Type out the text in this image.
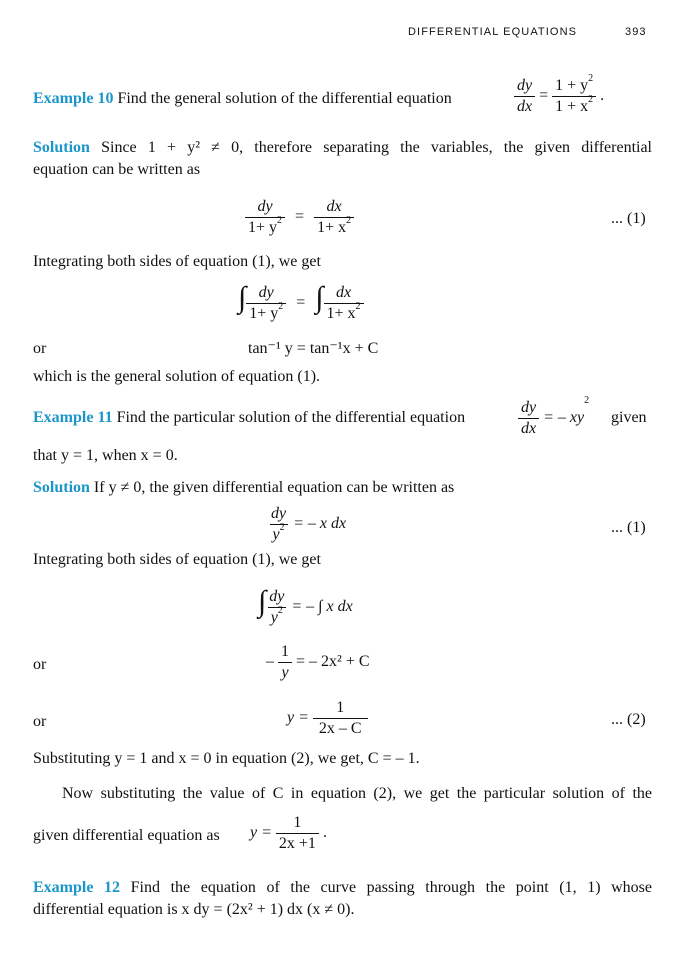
DIFFERENTIAL EQUATIONS	393
Example 10 Find the general solution of the differential equation	$\frac{dy}{dx} = \frac{1 + y^2}{1 + x^2}$ .
Solution Since 1 + y² ≠ 0, therefore separating the variables, the given differential
equation can be written as
$\frac{dy}{1+ y^2} = \frac{dx}{1+ x^2}$	... (1)
Integrating both sides of equation (1), we get
∫ $\frac{dy}{1+ y^2}$ = ∫ $\frac{dx}{1+ x^2}$
or	tan⁻¹ y = tan⁻¹x + C
which is the general solution of equation (1).
Example 11 Find the particular solution of the differential equation	$\frac{dy}{dx}$ = – $xy^2$
given
that y = 1, when x = 0.
Solution If y ≠ 0, the given differential equation can be written as
$\frac{dy}{y^2}$ = – x dx	... (1)
Integrating both sides of equation (1), we get
∫ $\frac{dy}{y^2}$ = – ∫ x dx
or	– $\frac{1}{y}$ = – 2x² + C
or	$y = \frac{1}{2x - C}$	... (2)
Substituting y = 1 and x = 0 in equation (2), we get, C = – 1.
Now substituting the value of C in equation (2), we get the particular solution of the
given differential equation as $y = \frac{1}{2x +1}$ .
Example 12 Find the equation of the curve passing through the point (1, 1) whose
differential equation is x dy = (2x² + 1) dx (x ≠ 0).
